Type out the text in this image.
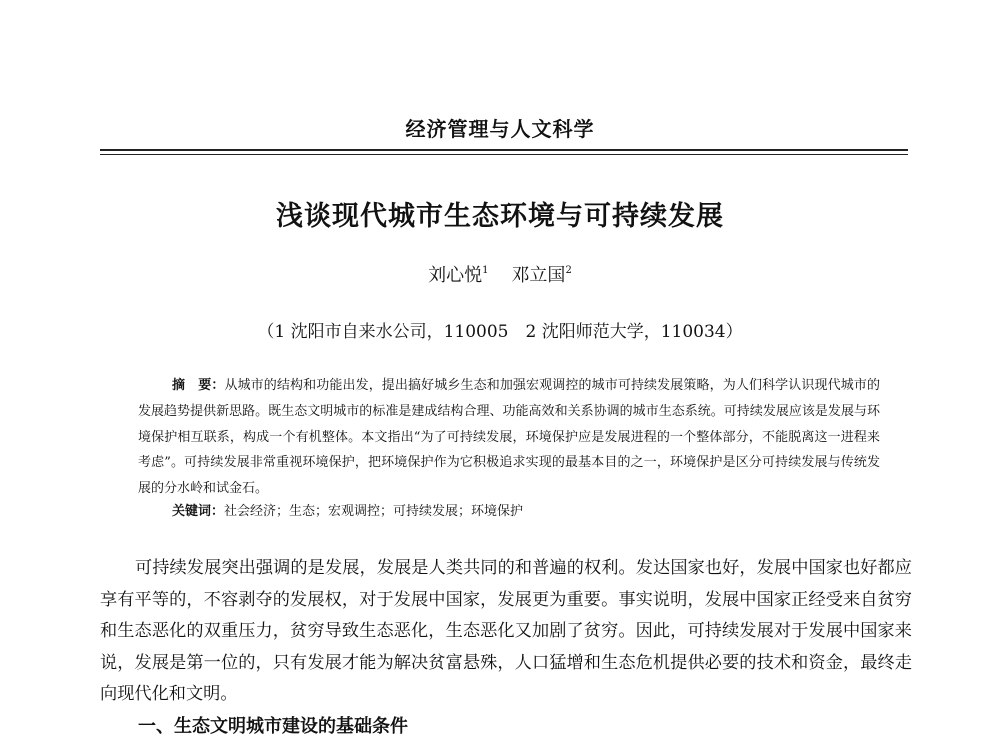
经济管理与人文科学
浅谈现代城市生态环境与可持续发展
刘心悦$^1$ 邓立国$^2$
（1 沈阳市自来水公司，110005　2 沈阳师范大学，110034）
摘　要：从城市的结构和功能出发，提出搞好城乡生态和加强宏观调控的城市可持续发展策略，为人们科学认识现代城市的发展趋势提供新思路。既生态文明城市的标准是建成结构合理、功能高效和关系协调的城市生态系统。可持续发展应该是发展与环境保护相互联系，构成一个有机整体。本文指出“为了可持续发展，环境保护应是发展进程的一个整体部分，不能脱离这一进程来考虑”。可持续发展非常重视环境保护，把环境保护作为它积极追求实现的最基本目的之一，环境保护是区分可持续发展与传统发展的分水岭和试金石。
关键词：社会经济；生态；宏观调控；可持续发展；环境保护

可持续发展突出强调的是发展，发展是人类共同的和普遍的权利。发达国家也好，发展中国家也好都应享有平等的，不容剥夺的发展权，对于发展中国家，发展更为重要。事实说明，发展中国家正经受来自贫穷和生态恶化的双重压力，贫穷导致生态恶化，生态恶化又加剧了贫穷。因此，可持续发展对于发展中国家来说，发展是第一位的，只有发展才能为解决贫富悬殊，人口猛增和生态危机提供必要的技术和资金，最终走向现代化和文明。

一、生态文明城市建设的基础条件
